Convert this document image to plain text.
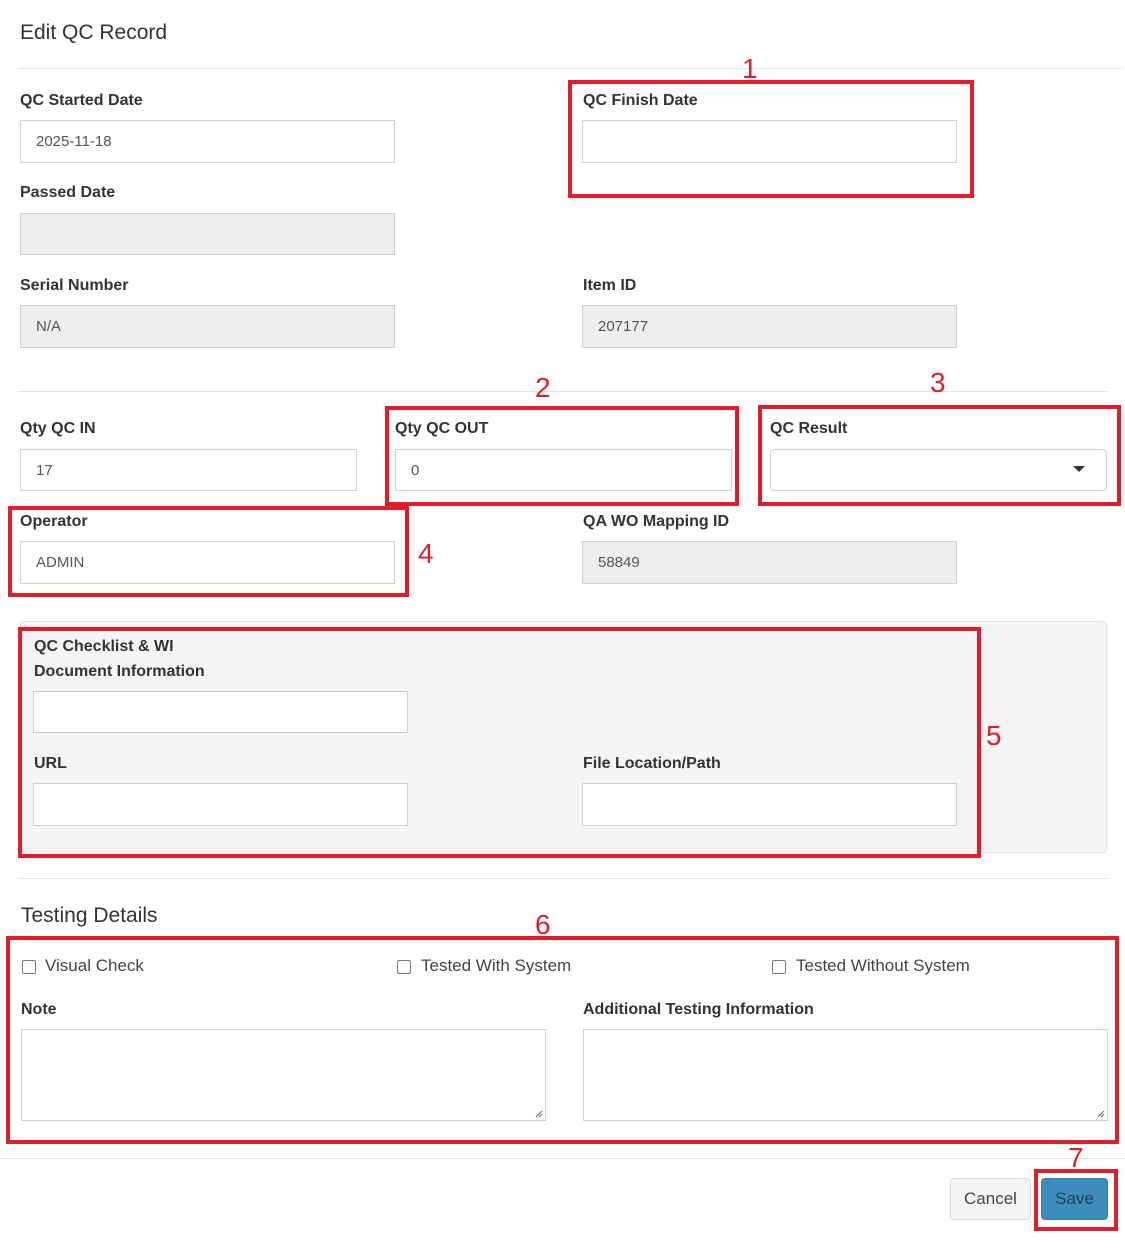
Edit QC Record
QC Started Date
2025-11-18
QC Finish Date
Passed Date
Serial Number
N/A
Item ID
207177
Qty QC IN
17
Qty QC OUT
0
QC Result
Operator
ADMIN
QA WO Mapping ID
58849
QC Checklist & WI
Document Information
URL	File Location/Path
Testing Details
Visual Check	Tested With System	Tested Without System
Note	Additional Testing Information
Cancel	Save
1
2	3
4
5
6
7
